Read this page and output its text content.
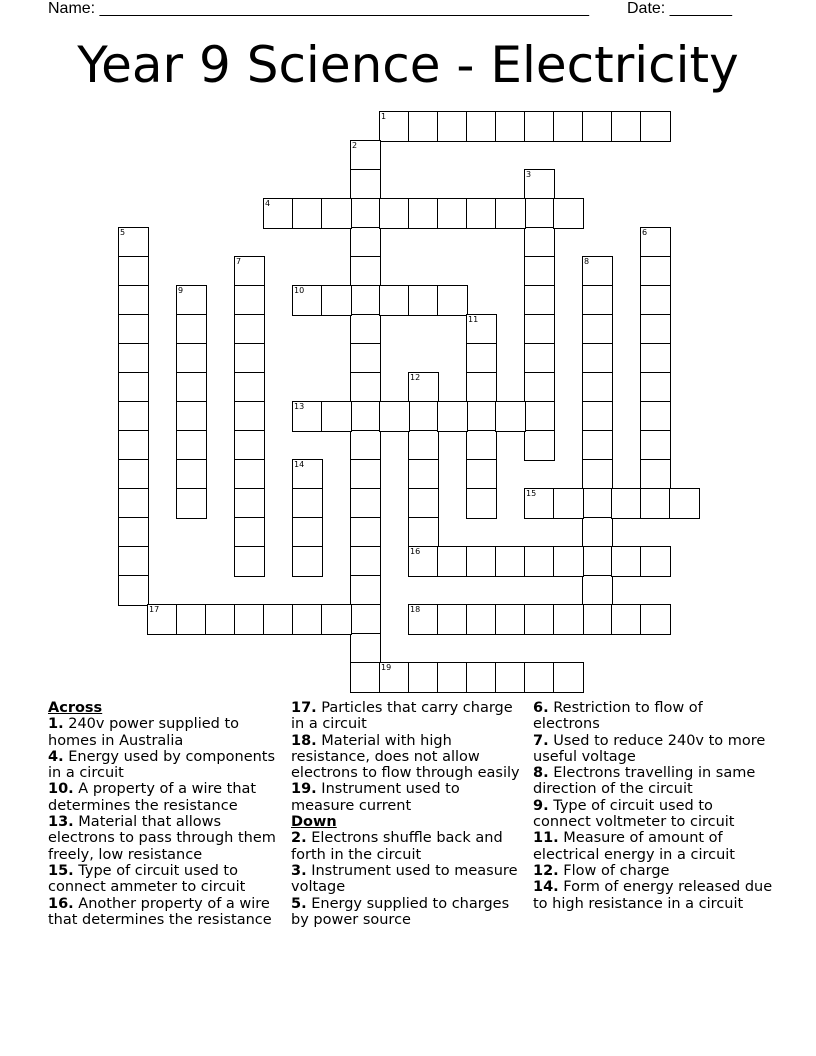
Name: _______________________________________________________ Date: _______
Year 9 Science - Electricity
1
2
3
4
5	6
7	8
9	10
11
12
13
14
15
16
17	18
19
Across
1. 240v power supplied to homes in Australia
4. Energy used by components in a circuit
10. A property of a wire that determines the resistance
13. Material that allows electrons to pass through them freely, low resistance
15. Type of circuit used to connect ammeter to circuit
16. Another property of a wire that determines the resistance
17. Particles that carry charge in a circuit
18. Material with high resistance, does not allow electrons to flow through easily
19. Instrument used to measure current
Down
2. Electrons shuffle back and forth in the circuit
3. Instrument used to measure voltage
5. Energy supplied to charges by power source
6. Restriction to flow of electrons
7. Used to reduce 240v to more useful voltage
8. Electrons travelling in same direction of the circuit
9. Type of circuit used to connect voltmeter to circuit
11. Measure of amount of electrical energy in a circuit
12. Flow of charge
14. Form of energy released due to high resistance in a circuit
